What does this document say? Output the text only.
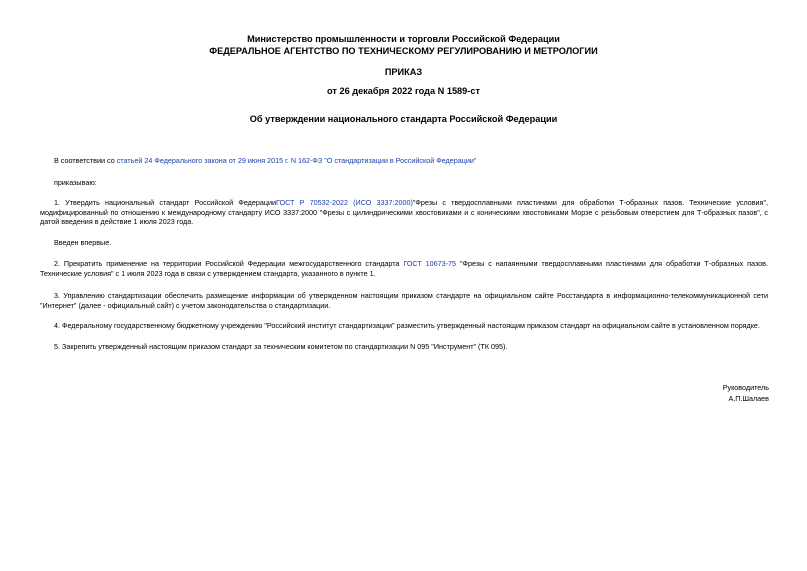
Министерство промышленности и торговли Российской Федерации
ФЕДЕРАЛЬНОЕ АГЕНТСТВО ПО ТЕХНИЧЕСКОМУ РЕГУЛИРОВАНИЮ И МЕТРОЛОГИИ
ПРИКАЗ
от 26 декабря 2022 года N 1589-ст
Об утверждении национального стандарта Российской Федерации
В соответствии со статьей 24 Федерального закона от 29 июня 2015 г. N 162-ФЗ "О стандартизации в Российской Федерации"
приказываю:
1. Утвердить национальный стандарт Российской ФедерацииГОСТ Р 70532-2022 (ИСО 3337:2000)"Фрезы с твердосплавными пластинами для обработки Т-образных пазов. Технические условия", модифицированный по отношению к международному стандарту ИСО 3337:2000 "Фрезы с цилиндрическими хвостовиками и с коническими хвостовиками Морзе с резьбовым отверстием для Т-образных пазов", с датой введения в действие 1 июля 2023 года.
Введен впервые.
2. Прекратить применение на территории Российской Федерации межгосударственного стандарта ГОСТ 10673-75 "Фрезы с напаянными твердосплавными пластинами для обработки Т-образных пазов. Технические условия" с 1 июля 2023 года в связи с утверждением стандарта, указанного в пункте 1.
3. Управлению стандартизации обеспечить размещение информации об утвержденном настоящим приказом стандарте на официальном сайте Росстандарта в информационно-телекоммуникационной сети "Интернет" (далее - официальный сайт) с учетом законодательства о стандартизации.
4. Федеральному государственному бюджетному учреждению "Российский институт стандартизации" разместить утвержденный настоящим приказом стандарт на официальном сайте в установленном порядке.
5. Закрепить утвержденный настоящим приказом стандарт за техническим комитетом по стандартизации N 095 "Инструмент" (ТК 095).
Руководитель
А.П.Шалаев
